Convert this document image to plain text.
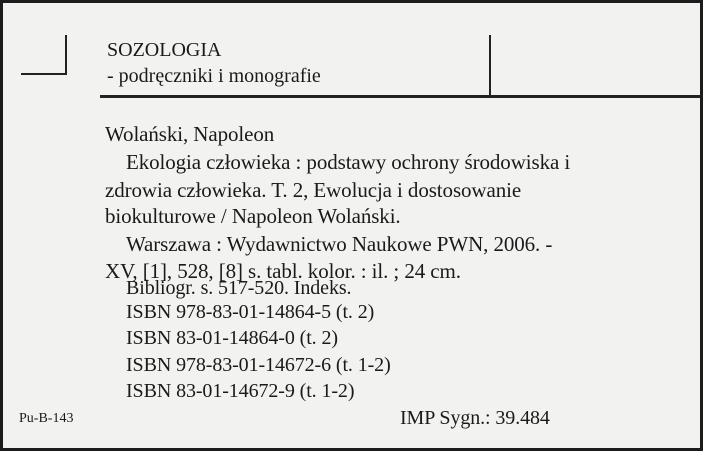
SOZOLOGIA
- podręczniki i monografie
Wolański, Napoleon
Ekologia człowieka : podstawy ochrony środowiska i
zdrowia człowieka. T. 2, Ewolucja i dostosowanie
biokulturowe / Napoleon Wolański.
Warszawa : Wydawnictwo Naukowe PWN, 2006. -
XV, [1], 528, [8] s. tabl. kolor. : il. ; 24 cm.
Bibliogr. s. 517-520. Indeks.
ISBN 978-83-01-14864-5 (t. 2)
ISBN 83-01-14864-0 (t. 2)
ISBN 978-83-01-14672-6 (t. 1-2)
ISBN 83-01-14672-9 (t. 1-2)
Pu-B-143	IMP Sygn.: 39.484
